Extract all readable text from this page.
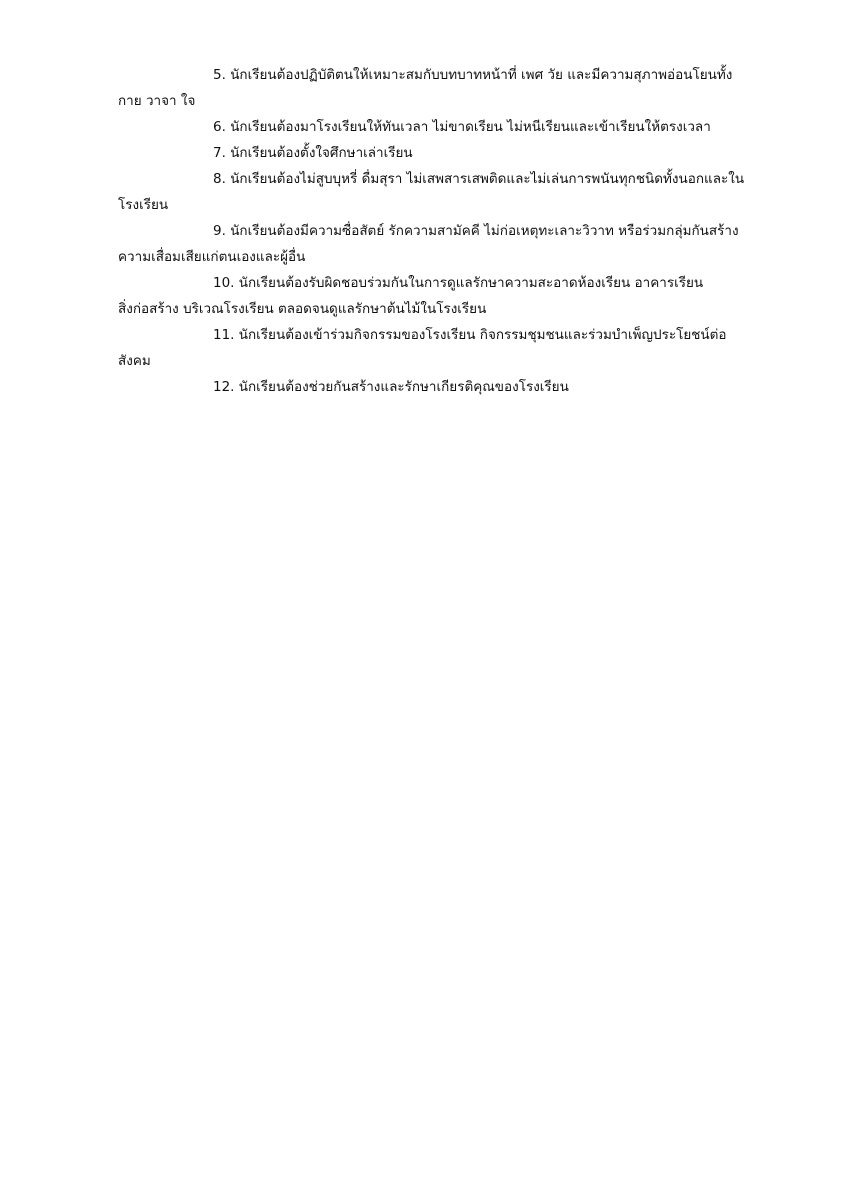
5. นักเรียนต้องปฏิบัติตนให้เหมาะสมกับบทบาทหน้าที่ เพศ วัย และมีความสุภาพอ่อนโยนทั้ง
กาย วาจา ใจ

6. นักเรียนต้องมาโรงเรียนให้ทันเวลา ไม่ขาดเรียน ไม่หนีเรียนและเข้าเรียนให้ตรงเวลา

7. นักเรียนต้องตั้งใจศึกษาเล่าเรียน

8. นักเรียนต้องไม่สูบบุหรี่ ดื่มสุรา ไม่เสพสารเสพติดและไม่เล่นการพนันทุกชนิดทั้งนอกและใน
โรงเรียน

9. นักเรียนต้องมีความซื่อสัตย์ รักความสามัคคี ไม่ก่อเหตุทะเลาะวิวาท หรือร่วมกลุ่มกันสร้าง
ความเสื่อมเสียแก่ตนเองและผู้อื่น

10. นักเรียนต้องรับผิดชอบร่วมกันในการดูแลรักษาความสะอาดห้องเรียน อาคารเรียน
สิ่งก่อสร้าง บริเวณโรงเรียน ตลอดจนดูแลรักษาต้นไม้ในโรงเรียน

11. นักเรียนต้องเข้าร่วมกิจกรรมของโรงเรียน กิจกรรมชุมชนและร่วมบำเพ็ญประโยชน์ต่อ
สังคม

12. นักเรียนต้องช่วยกันสร้างและรักษาเกียรติคุณของโรงเรียน
